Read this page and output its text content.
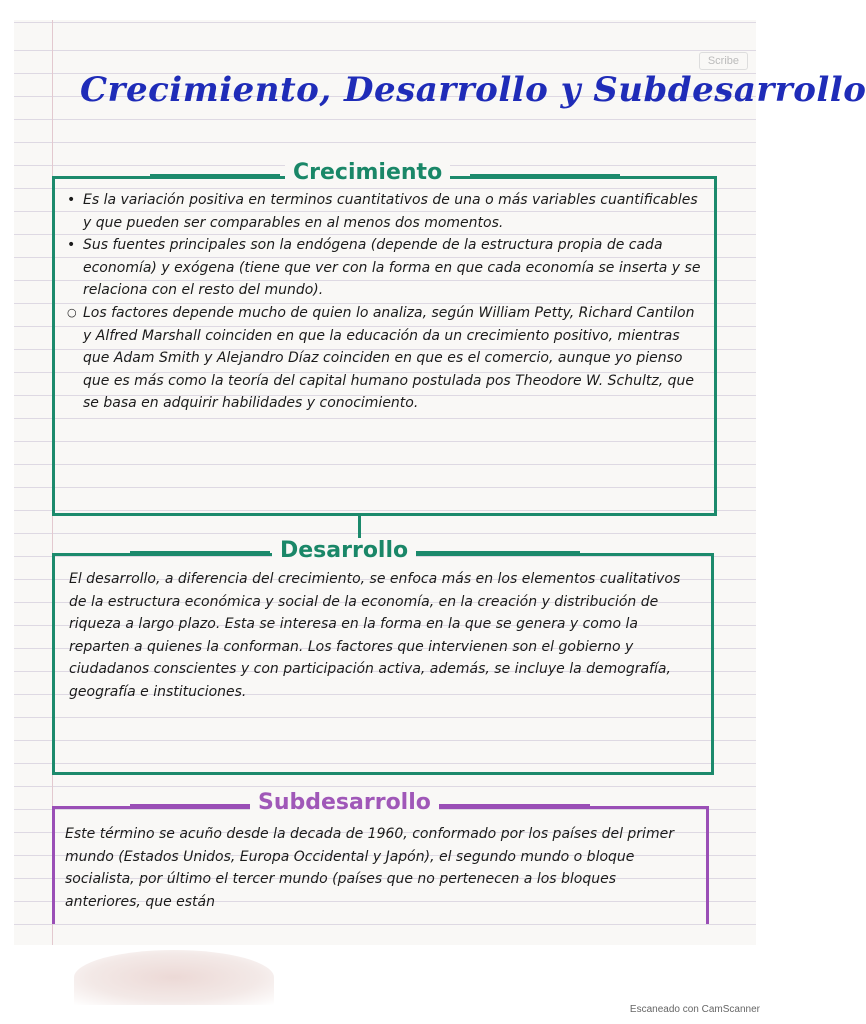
Scribe
Crecimiento, Desarrollo y Subdesarrollo
• Es la variación positiva en terminos cuantitativos de una o más variables cuantificables y que pueden ser comparables en al menos dos momentos.
• Sus fuentes principales son la endógena (depende de la estructura propia de cada economía) y exógena (tiene que ver con la forma en que cada economía se inserta y se relaciona con el resto del mundo).
○ Los factores depende mucho de quien lo analiza, según William Petty, Richard Cantilon y Alfred Marshall coinciden en que la educación da un crecimiento positivo, mientras que Adam Smith y Alejandro Díaz coinciden en que es el comercio, aunque yo pienso que es más como la teoría del capital humano postulada pos Theodore W. Schultz, que se basa en adquirir habilidades y conocimiento.
Crecimiento

El desarrollo, a diferencia del crecimiento, se enfoca más en los elementos cualitativos de la estructura económica y social de la economía, en la creación y distribución de riqueza a largo plazo. Esta se interesa en la forma en la que se genera y como la reparten a quienes la conforman. Los factores que intervienen son el gobierno y ciudadanos conscientes y con participación activa, además, se incluye la demografía, geografía e instituciones.

Desarrollo

Este término se acuño desde la decada de 1960, conformado por los países del primer mundo (Estados Unidos, Europa Occidental y Japón), el segundo mundo o bloque socialista, por último el tercer mundo (países que no pertenecen a los bloques anteriores, que están

Subdesarrollo
Escaneado con CamScanner
